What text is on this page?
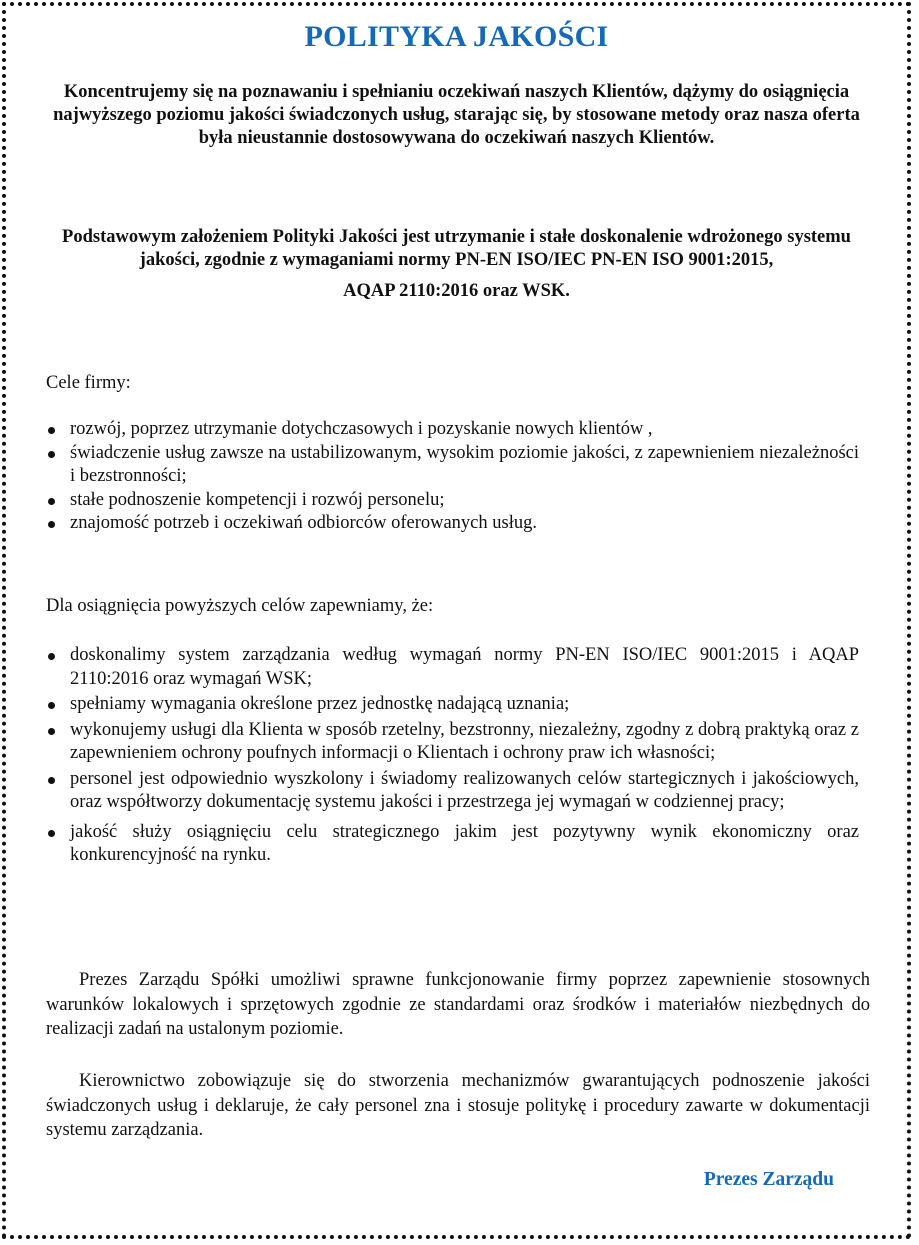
POLITYKA JAKOŚCI
Koncentrujemy się na poznawaniu i spełnianiu oczekiwań naszych Klientów, dążymy do osiągnięcia najwyższego poziomu jakości świadczonych usług, starając się, by stosowane metody oraz nasza oferta była nieustannie dostosowywana do oczekiwań naszych Klientów.
Podstawowym założeniem Polityki Jakości jest utrzymanie i stałe doskonalenie wdrożonego systemu jakości, zgodnie z wymaganiami normy PN-EN ISO/IEC PN-EN ISO 9001:2015,
AQAP 2110:2016 oraz WSK.
Cele firmy:
rozwój, poprzez utrzymanie dotychczasowych i pozyskanie nowych klientów ,
świadczenie usług zawsze na ustabilizowanym, wysokim poziomie jakości, z zapewnieniem niezależności i bezstronności;
stałe podnoszenie kompetencji i rozwój personelu;
znajomość potrzeb i oczekiwań odbiorców oferowanych usług.
Dla osiągnięcia powyższych celów zapewniamy, że:
doskonalimy system zarządzania według wymagań normy PN-EN ISO/IEC 9001:2015 i AQAP 2110:2016 oraz wymagań WSK;
spełniamy wymagania określone przez jednostkę nadającą uznania;
wykonujemy usługi dla Klienta w sposób rzetelny, bezstronny, niezależny, zgodny z dobrą praktyką oraz z zapewnieniem ochrony poufnych informacji o Klientach i ochrony praw ich własności;
personel jest odpowiednio wyszkolony i świadomy realizowanych celów startegicznych i jakościowych, oraz współtworzy dokumentację systemu jakości i przestrzega jej wymagań w codziennej pracy;
jakość służy osiągnięciu celu strategicznego jakim jest pozytywny wynik ekonomiczny oraz konkurencyjność na rynku.
Prezes Zarządu Spółki umożliwi sprawne funkcjonowanie firmy poprzez zapewnienie stosownych warunków lokalowych i sprzętowych zgodnie ze standardami oraz środków i materiałów niezbędnych do realizacji zadań na ustalonym poziomie.
Kierownictwo zobowiązuje się do stworzenia mechanizmów gwarantujących podnoszenie jakości świadczonych usług i deklaruje, że cały personel zna i stosuje politykę i procedury zawarte w dokumentacji systemu zarządzania.
Prezes Zarządu
